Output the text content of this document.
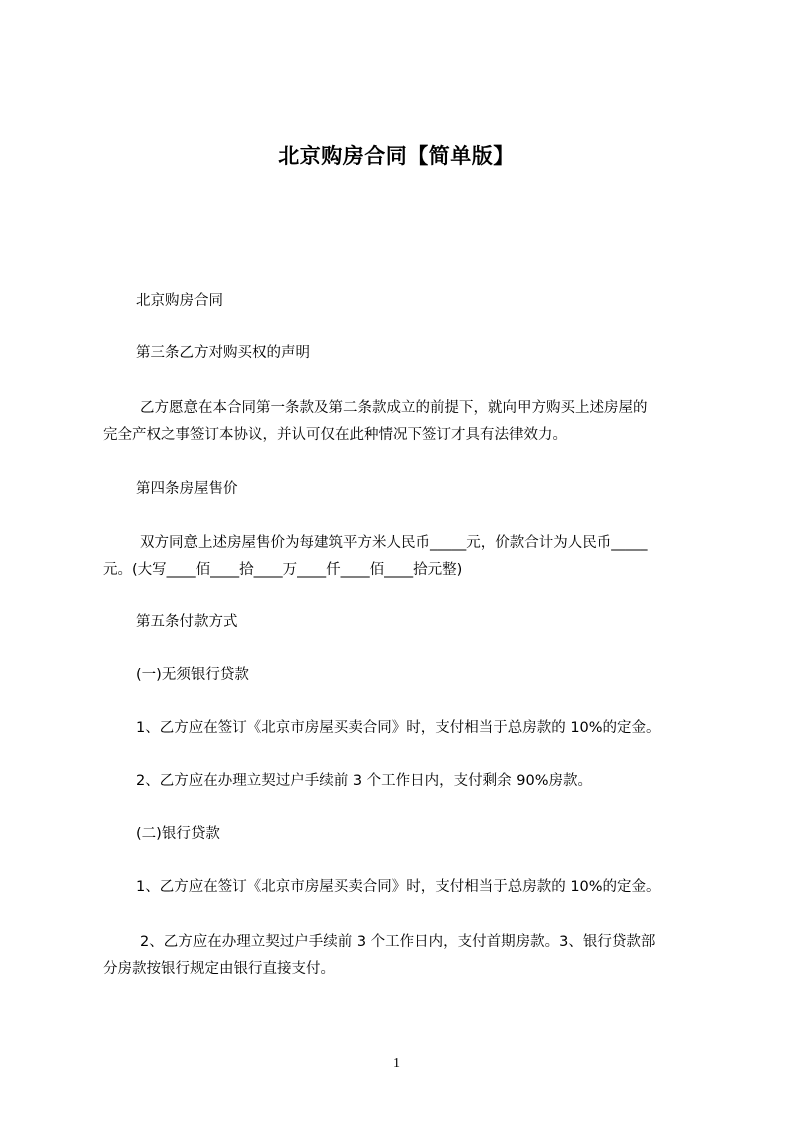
北京购房合同【简单版】
北京购房合同
第三条乙方对购买权的声明
乙方愿意在本合同第一条款及第二条款成立的前提下，就向甲方购买上述房屋的
完全产权之事签订本协议，并认可仅在此种情况下签订才具有法律效力。
第四条房屋售价
双方同意上述房屋售价为每建筑平方米人民币_____元，价款合计为人民币_____
元。(大写____佰____拾____万____仟____佰____拾元整)
第五条付款方式
(一)无须银行贷款
1、乙方应在签订《北京市房屋买卖合同》时，支付相当于总房款的 10%的定金。
2、乙方应在办理立契过户手续前 3 个工作日内，支付剩余 90%房款。
(二)银行贷款
1、乙方应在签订《北京市房屋买卖合同》时，支付相当于总房款的 10%的定金。
2、乙方应在办理立契过户手续前 3 个工作日内，支付首期房款。3、银行贷款部
分房款按银行规定由银行直接支付。
1
